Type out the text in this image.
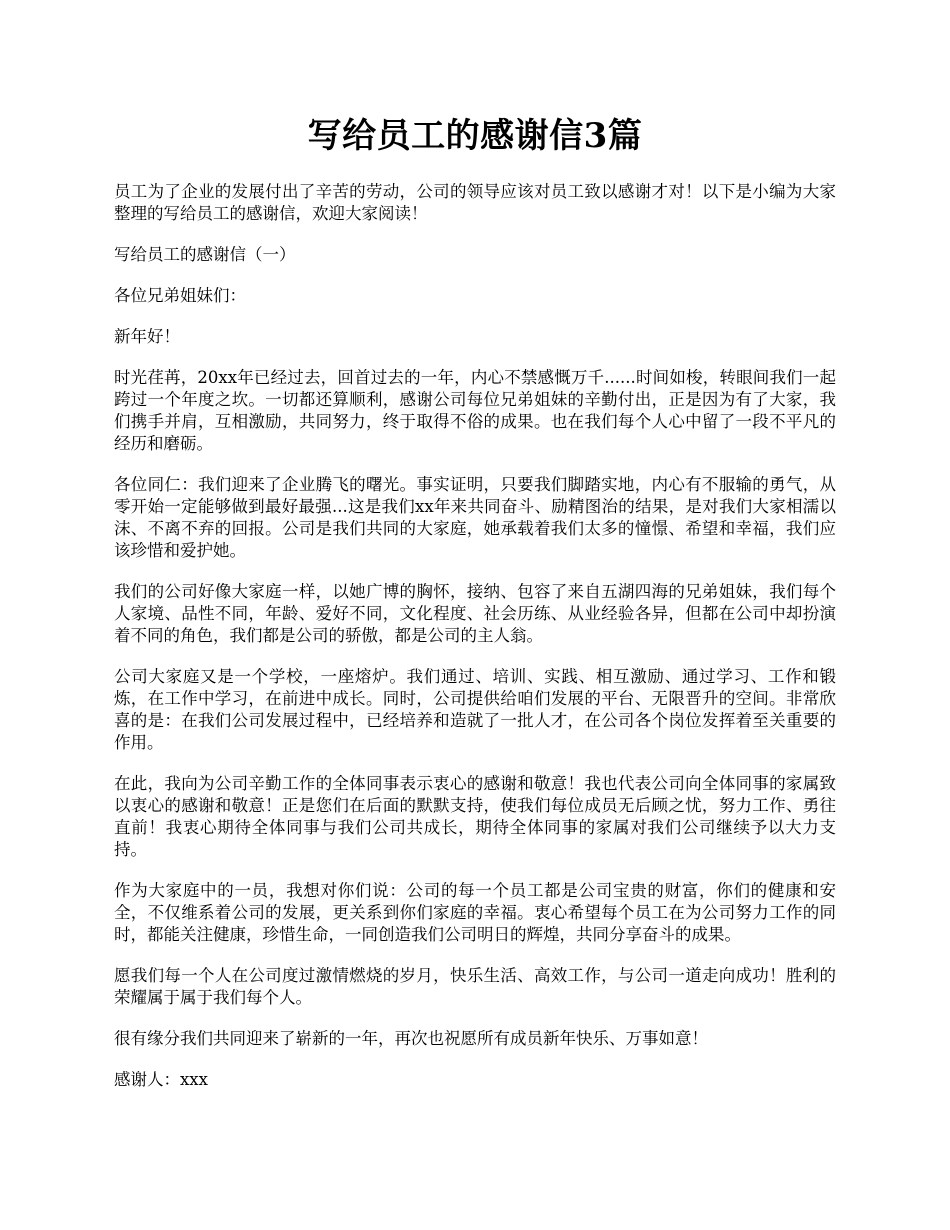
写给员工的感谢信3篇

员工为了企业的发展付出了辛苦的劳动，公司的领导应该对员工致以感谢才对！以下是小编为大家整理的写给员工的感谢信，欢迎大家阅读！

写给员工的感谢信（一）

各位兄弟姐妹们：

新年好！

时光荏苒，20xx年已经过去，回首过去的一年，内心不禁感慨万千......时间如梭，转眼间我们一起跨过一个年度之坎。一切都还算顺利，感谢公司每位兄弟姐妹的辛勤付出，正是因为有了大家，我们携手并肩，互相激励，共同努力，终于取得不俗的成果。也在我们每个人心中留了一段不平凡的经历和磨砺。

各位同仁：我们迎来了企业腾飞的曙光。事实证明，只要我们脚踏实地，内心有不服输的勇气，从零开始一定能够做到最好最强...这是我们xx年来共同奋斗、励精图治的结果，是对我们大家相濡以沫、不离不弃的回报。公司是我们共同的大家庭，她承载着我们太多的憧憬、希望和幸福，我们应该珍惜和爱护她。

我们的公司好像大家庭一样，以她广博的胸怀，接纳、包容了来自五湖四海的兄弟姐妹，我们每个人家境、品性不同，年龄、爱好不同，文化程度、社会历练、从业经验各异，但都在公司中却扮演着不同的角色，我们都是公司的骄傲，都是公司的主人翁。

公司大家庭又是一个学校，一座熔炉。我们通过、培训、实践、相互激励、通过学习、工作和锻炼，在工作中学习，在前进中成长。同时，公司提供给咱们发展的平台、无限晋升的空间。非常欣喜的是：在我们公司发展过程中，已经培养和造就了一批人才，在公司各个岗位发挥着至关重要的作用。

在此，我向为公司辛勤工作的全体同事表示衷心的感谢和敬意！我也代表公司向全体同事的家属致以衷心的感谢和敬意！正是您们在后面的默默支持，使我们每位成员无后顾之忧，努力工作、勇往直前！我衷心期待全体同事与我们公司共成长，期待全体同事的家属对我们公司继续予以大力支持。

作为大家庭中的一员，我想对你们说：公司的每一个员工都是公司宝贵的财富，你们的健康和安全，不仅维系着公司的发展，更关系到你们家庭的幸福。衷心希望每个员工在为公司努力工作的同时，都能关注健康，珍惜生命，一同创造我们公司明日的辉煌，共同分享奋斗的成果。

愿我们每一个人在公司度过激情燃烧的岁月，快乐生活、高效工作，与公司一道走向成功！胜利的荣耀属于属于我们每个人。

很有缘分我们共同迎来了崭新的一年，再次也祝愿所有成员新年快乐、万事如意！

感谢人：xxx
